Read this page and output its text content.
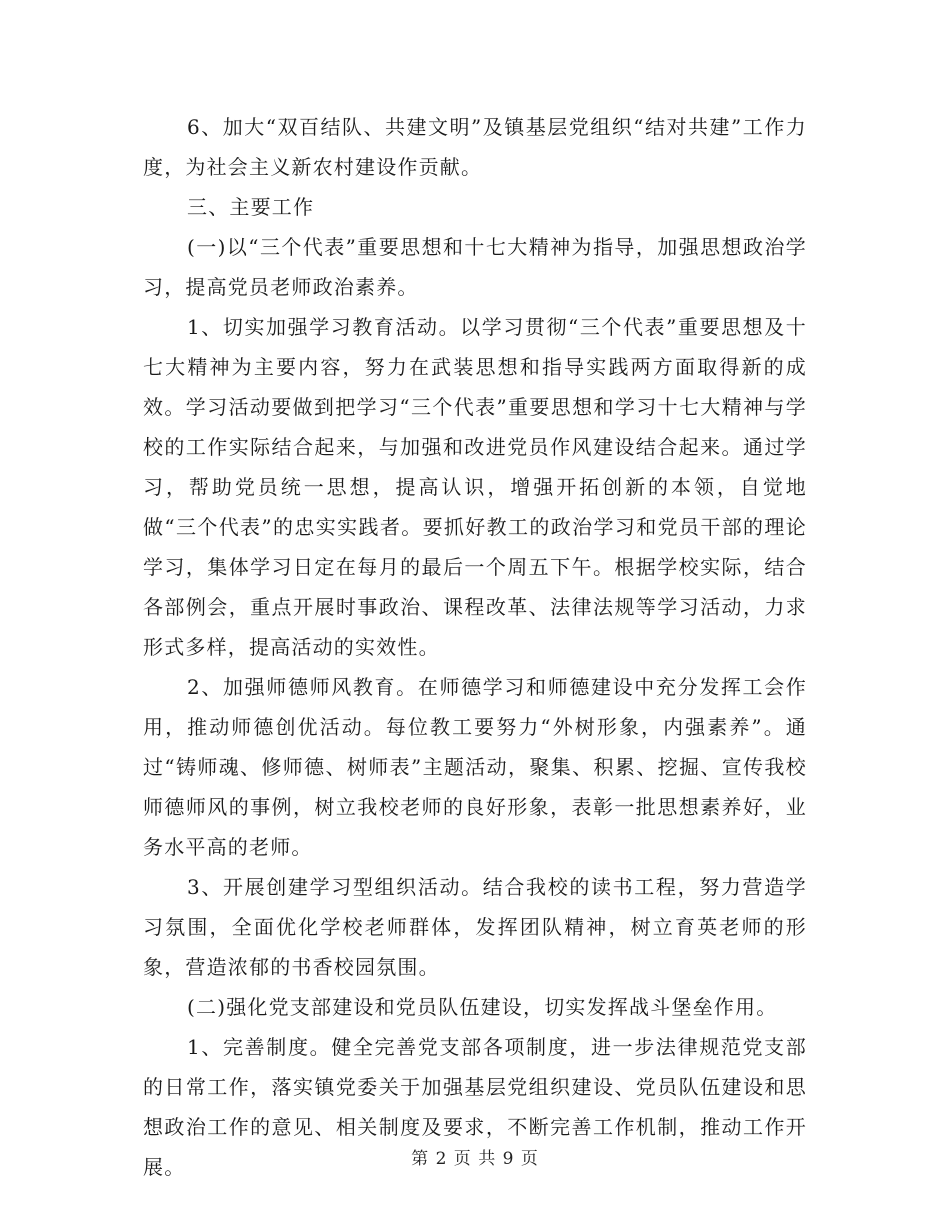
6、加大“双百结队、共建文明”及镇基层党组织“结对共建”工作力度，为社会主义新农村建设作贡献。

三、主要工作

(一)以“三个代表”重要思想和十七大精神为指导，加强思想政治学习，提高党员老师政治素养。

1、切实加强学习教育活动。以学习贯彻“三个代表”重要思想及十七大精神为主要内容，努力在武装思想和指导实践两方面取得新的成效。学习活动要做到把学习“三个代表”重要思想和学习十七大精神与学校的工作实际结合起来，与加强和改进党员作风建设结合起来。通过学习，帮助党员统一思想，提高认识，增强开拓创新的本领，自觉地做“三个代表”的忠实实践者。要抓好教工的政治学习和党员干部的理论学习，集体学习日定在每月的最后一个周五下午。根据学校实际，结合各部例会，重点开展时事政治、课程改革、法律法规等学习活动，力求形式多样，提高活动的实效性。

2、加强师德师风教育。在师德学习和师德建设中充分发挥工会作用，推动师德创优活动。每位教工要努力“外树形象，内强素养”。通过“铸师魂、修师德、树师表”主题活动，聚集、积累、挖掘、宣传我校师德师风的事例，树立我校老师的良好形象，表彰一批思想素养好，业务水平高的老师。

3、开展创建学习型组织活动。结合我校的读书工程，努力营造学习氛围，全面优化学校老师群体，发挥团队精神，树立育英老师的形象，营造浓郁的书香校园氛围。

(二)强化党支部建设和党员队伍建设，切实发挥战斗堡垒作用。

1、完善制度。健全完善党支部各项制度，进一步法律规范党支部的日常工作，落实镇党委关于加强基层党组织建设、党员队伍建设和思想政治工作的意见、相关制度及要求，不断完善工作机制，推动工作开展。	第 2 页 共 9 页
